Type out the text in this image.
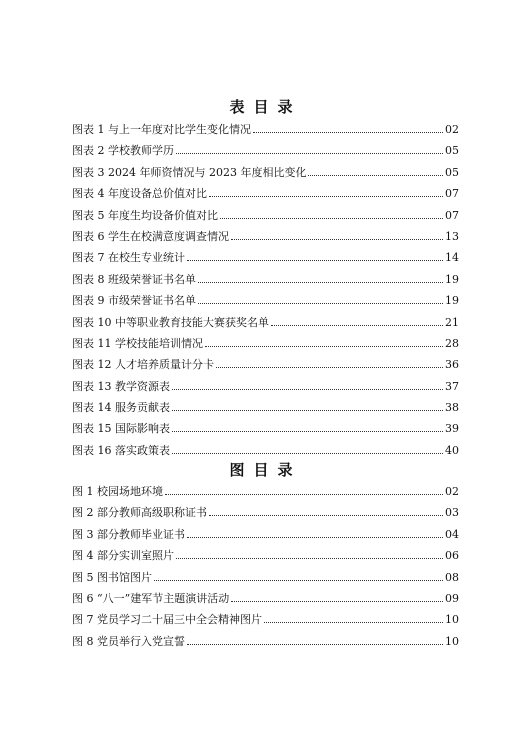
表目录
图表 1 与上一年度对比学生变化情况	02
图表 2 学校教师学历	05
图表 3 2024 年师资情况与 2023 年度相比变化	05
图表 4 年度设备总价值对比	07
图表 5 年度生均设备价值对比	07
图表 6 学生在校满意度调查情况	13
图表 7 在校生专业统计	14
图表 8 班级荣誉证书名单	19
图表 9 市级荣誉证书名单	19
图表 10 中等职业教育技能大赛获奖名单	21
图表 11 学校技能培训情况	28
图表 12 人才培养质量计分卡	36
图表 13 教学资源表	37
图表 14 服务贡献表	38
图表 15 国际影响表	39
图表 16 落实政策表	40
图目录
图 1 校园场地环境	02
图 2 部分教师高级职称证书	03
图 3 部分教师毕业证书	04
图 4 部分实训室照片	06
图 5 图书馆图片	08
图 6 “八一”建军节主题演讲活动	09
图 7 党员学习二十届三中全会精神图片	10
图 8 党员举行入党宣誓	10
